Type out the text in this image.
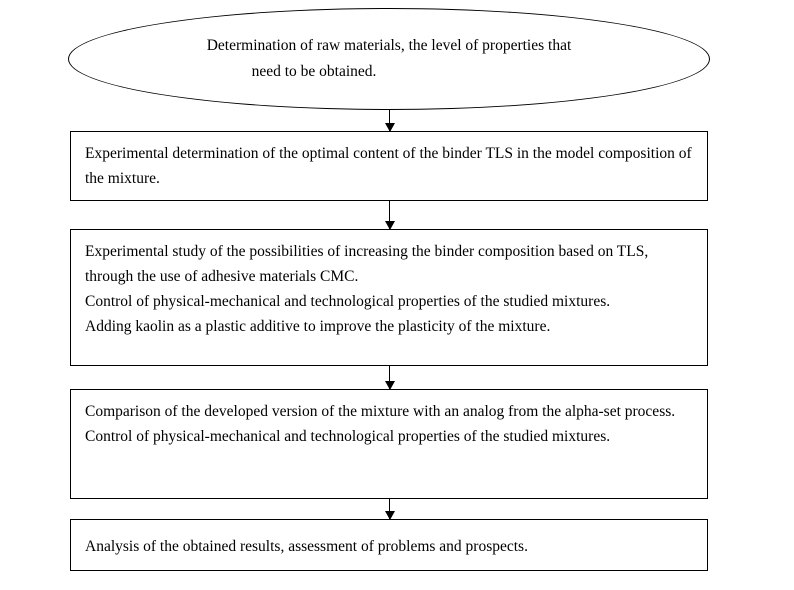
Determination of raw materials, the level of properties that
need to be obtained.

Experimental determination of the optimal content of the binder TLS in the model composition of the mixture.

Experimental study of the possibilities of increasing the binder composition based on TLS, through the use of adhesive materials CMC.

Control of physical-mechanical and technological properties of the studied mixtures.

Adding kaolin as a plastic additive to improve the plasticity of the mixture.

Comparison of the developed version of the mixture with an analog from the alpha-set process.

Control of physical-mechanical and technological properties of the studied mixtures.

Analysis of the obtained results, assessment of problems and prospects.
